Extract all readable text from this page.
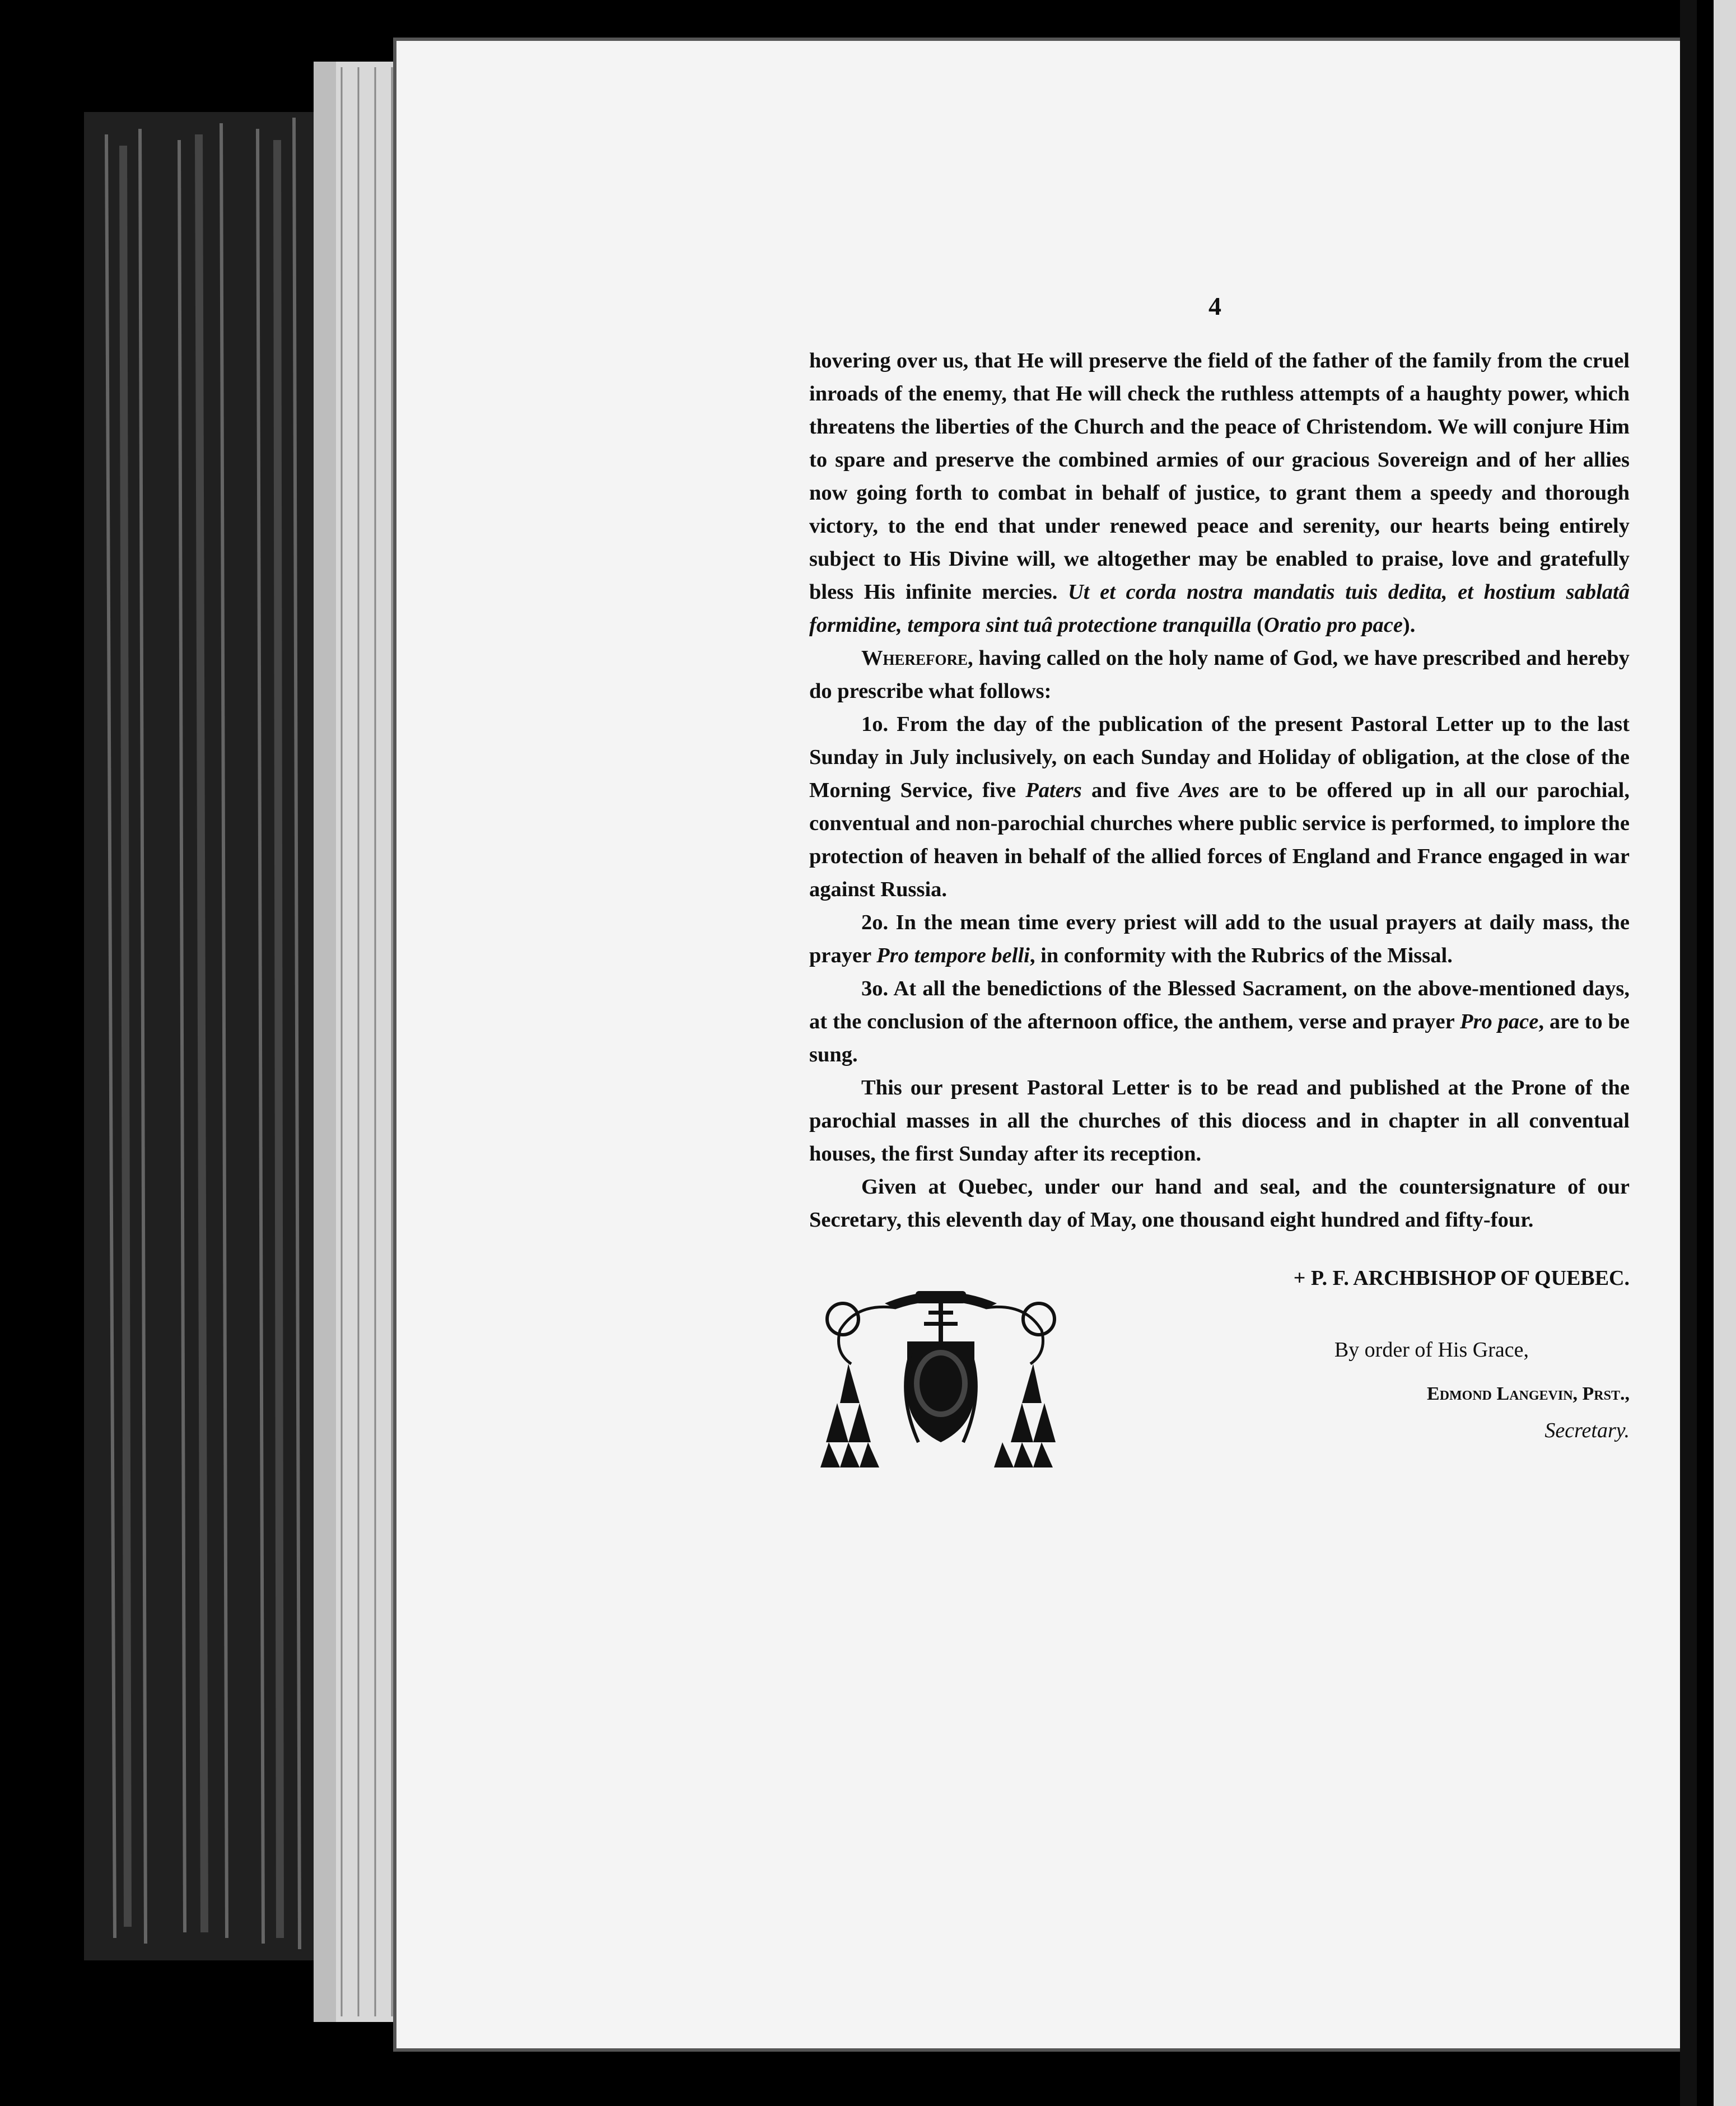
4

hovering over us, that He will preserve the field of the father of the family from the cruel inroads of the enemy, that He will check the ruthless attempts of a haughty power, which threatens the liberties of the Church and the peace of Christendom. We will conjure Him to spare and preserve the combined armies of our gracious Sovereign and of her allies now going forth to combat in behalf of justice, to grant them a speedy and thorough victory, to the end that under renewed peace and serenity, our hearts being entirely subject to His Divine will, we altogether may be enabled to praise, love and gratefully bless His infinite mercies. Ut et corda nostra mandatis tuis dedita, et hostium sablatâ formidine, tempora sint tuâ protectione tranquilla (Oratio pro pace).

Wherefore, having called on the holy name of God, we have prescribed and hereby do prescribe what follows:

1o. From the day of the publication of the present Pastoral Letter up to the last Sunday in July inclusively, on each Sunday and Holiday of obligation, at the close of the Morning Service, five Paters and five Aves are to be offered up in all our parochial, conventual and non-parochial churches where public service is performed, to implore the protection of heaven in behalf of the allied forces of England and France engaged in war against Russia.

2o. In the mean time every priest will add to the usual prayers at daily mass, the prayer Pro tempore belli, in conformity with the Rubrics of the Missal.

3o. At all the benedictions of the Blessed Sacrament, on the above-mentioned days, at the conclusion of the afternoon office, the anthem, verse and prayer Pro pace, are to be sung.

This our present Pastoral Letter is to be read and published at the Prone of the parochial masses in all the churches of this diocess and in chapter in all conventual houses, the first Sunday after its reception.

Given at Quebec, under our hand and seal, and the countersignature of our Secretary, this eleventh day of May, one thousand eight hundred and fifty-four.

+ P. F. ARCHBISHOP OF QUEBEC.
By order of His Grace,
Edmond Langevin, Prst.,
Secretary.
